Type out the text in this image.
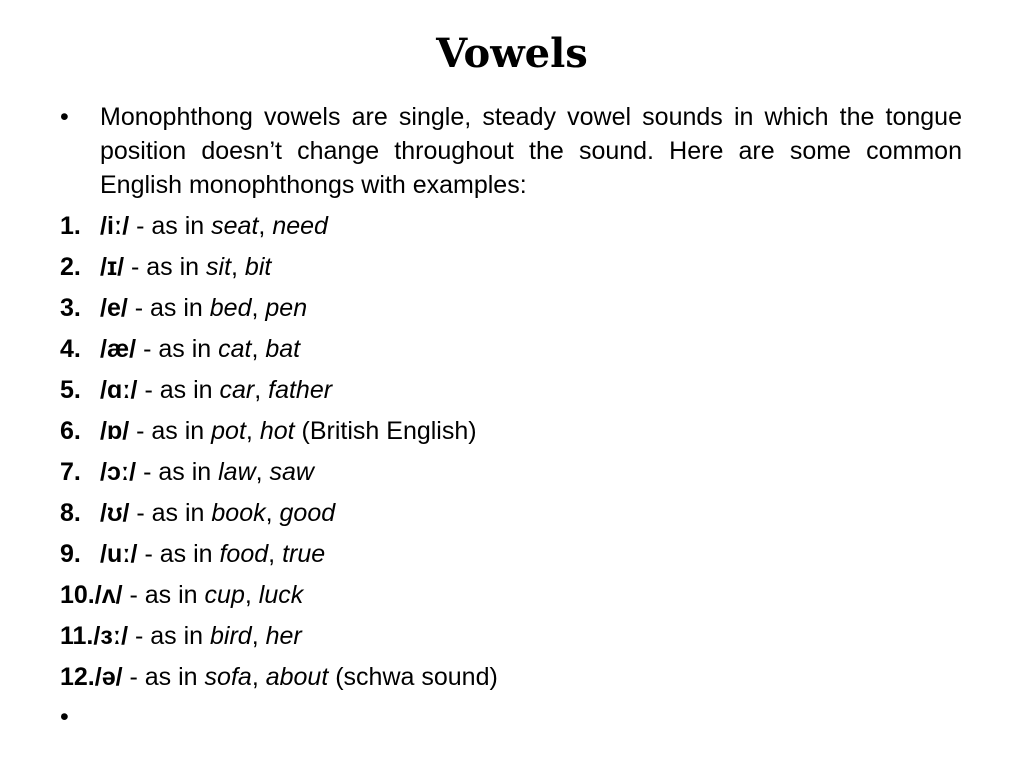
Vowels
• Monophthong vowels are single, steady vowel sounds in which the tongue position doesn’t change throughout the sound. Here are some common English monophthongs with examples:
1. /iː/ - as in seat, need
2. /ɪ/ - as in sit, bit
3. /e/ - as in bed, pen
4. /æ/ - as in cat, bat
5. /ɑː/ - as in car, father
6. /ɒ/ - as in pot, hot (British English)
7. /ɔː/ - as in law, saw
8. /ʊ/ - as in book, good
9. /uː/ - as in food, true
10./ʌ/ - as in cup, luck
11./ɜː/ - as in bird, her
12./ə/ - as in sofa, about (schwa sound)
•
